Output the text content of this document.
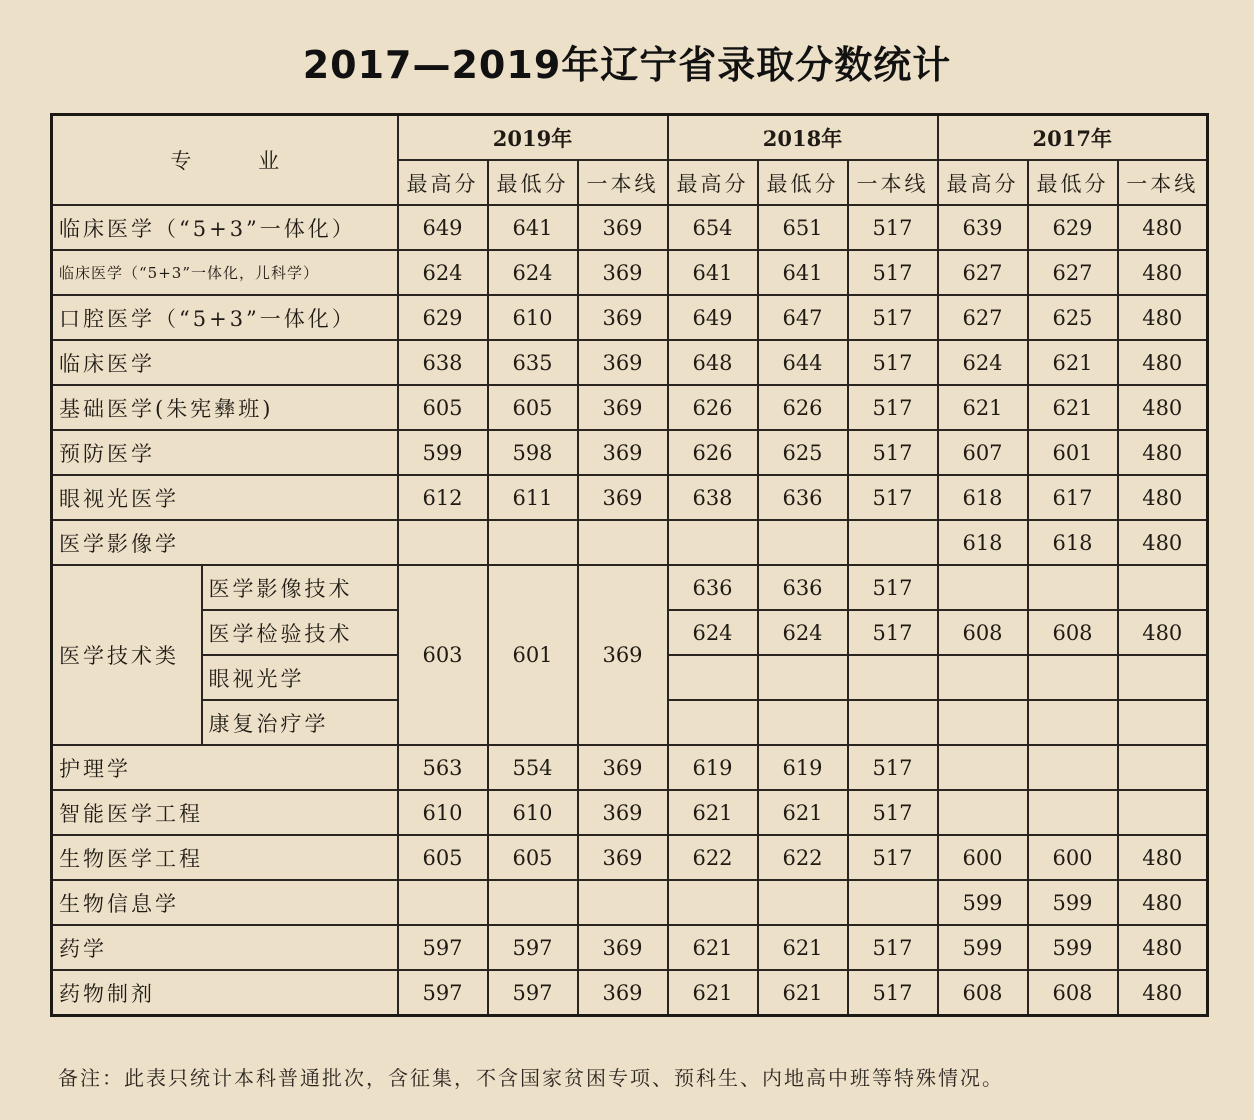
2017—2019年辽宁省录取分数统计
专 业		2019年			2018年			2017年		
		最高分	最低分	一本线	最高分	最低分	一本线	最高分	最低分	一本线
临床医学（“5+3”一体化）		649	641	369	654	651	517	639	629	480
临床医学（“5+3”一体化，儿科学）		624	624	369	641	641	517	627	627	480
口腔医学（“5+3”一体化）		629	610	369	649	647	517	627	625	480
临床医学		638	635	369	648	644	517	624	621	480
基础医学(朱宪彝班)		605	605	369	626	626	517	621	621	480
预防医学		599	598	369	626	625	517	607	601	480
眼视光医学		612	611	369	638	636	517	618	617	480
医学影像学								618	618	480
医学技术类	医学影像技术	603	601	369	636	636	517			
	医学检验技术				624	624	517	608	608	480
	眼视光学									
	康复治疗学									
护理学		563	554	369	619	619	517			
智能医学工程		610	610	369	621	621	517			
生物医学工程		605	605	369	622	622	517	600	600	480
生物信息学								599	599	480
药学		597	597	369	621	621	517	599	599	480
药物制剂		597	597	369	621	621	517	608	608	480
备注：此表只统计本科普通批次，含征集，不含国家贫困专项、预科生、内地高中班等特殊情况。
